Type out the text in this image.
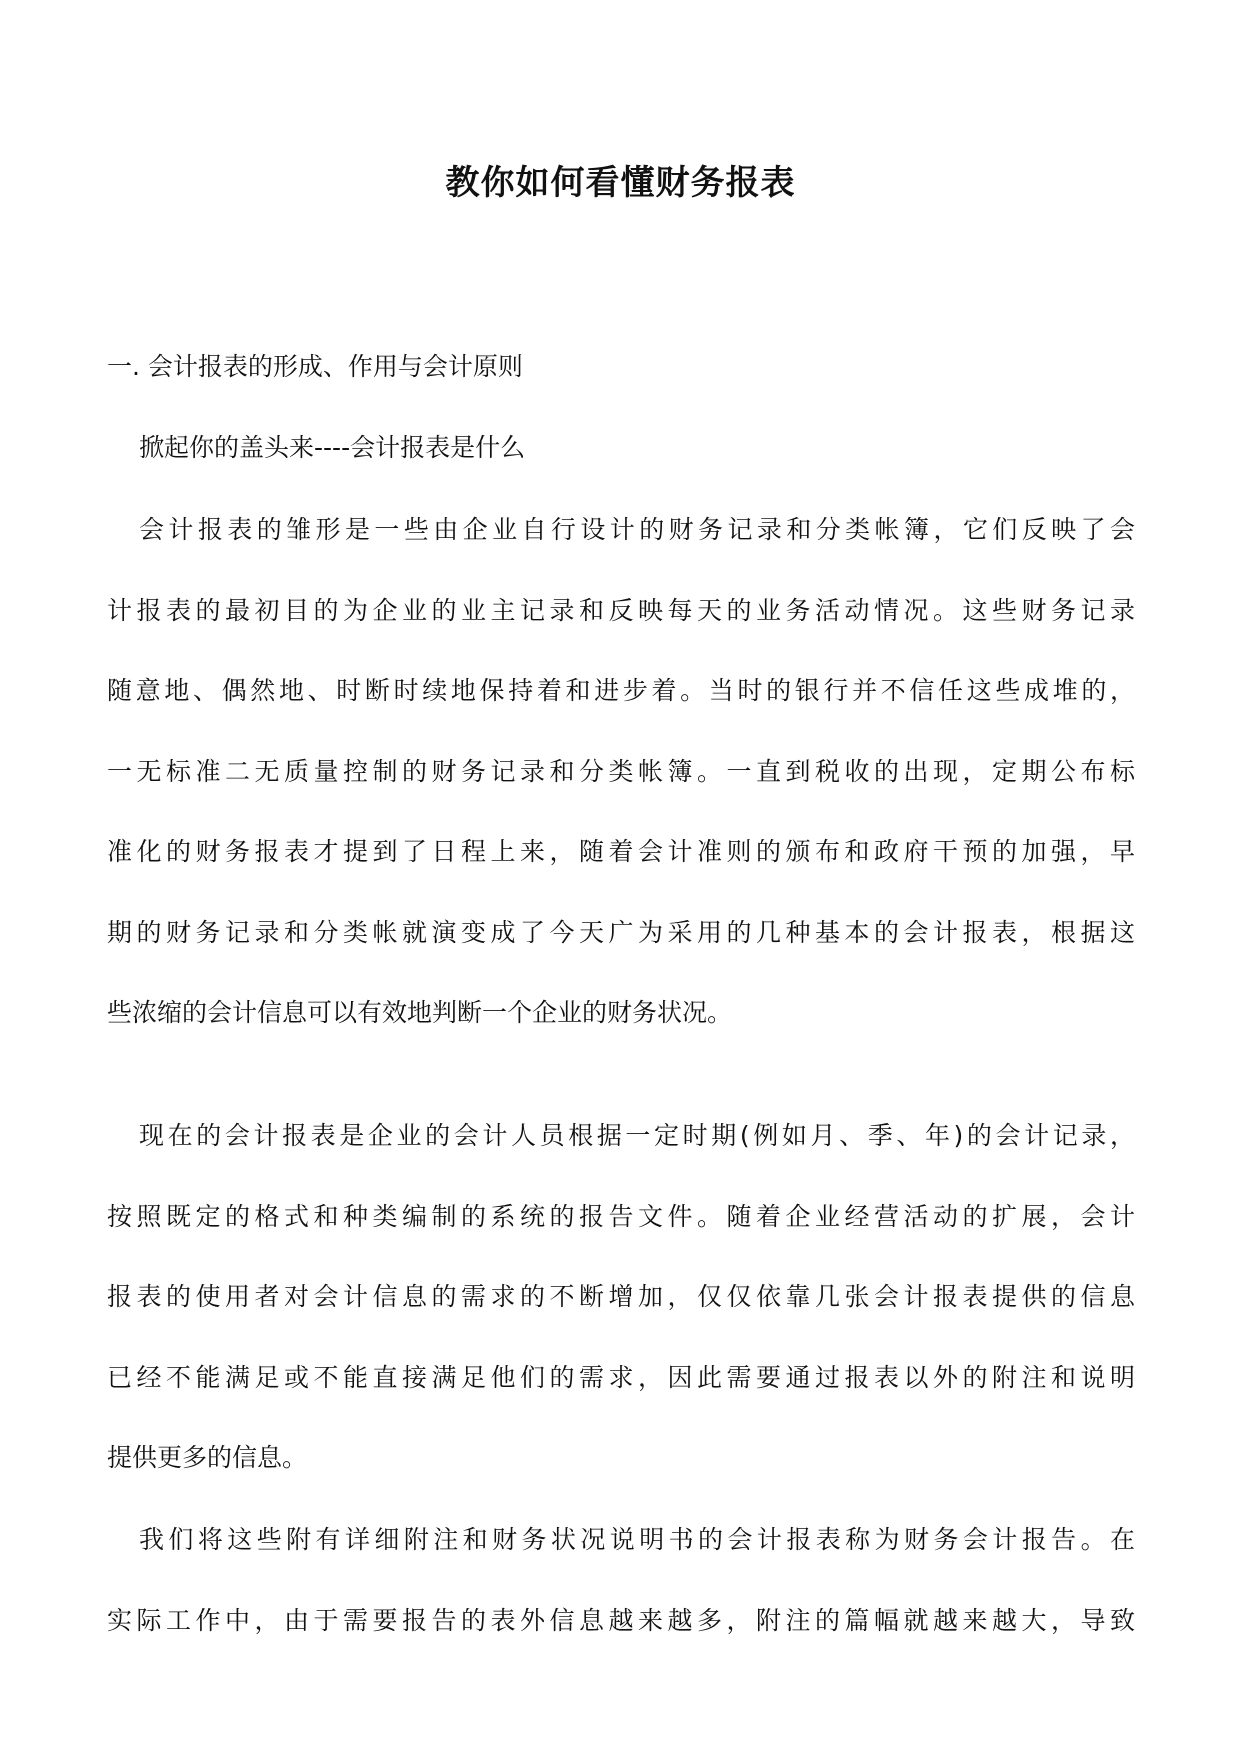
教你如何看懂财务报表
一. 会计报表的形成、作用与会计原则
掀起你的盖头来----会计报表是什么
会计报表的雏形是一些由企业自行设计的财务记录和分类帐簿，它们反映了会
计报表的最初目的为企业的业主记录和反映每天的业务活动情况。这些财务记录
随意地、偶然地、时断时续地保持着和进步着。当时的银行并不信任这些成堆的，
一无标准二无质量控制的财务记录和分类帐簿。一直到税收的出现，定期公布标
准化的财务报表才提到了日程上来，随着会计准则的颁布和政府干预的加强，早
期的财务记录和分类帐就演变成了今天广为采用的几种基本的会计报表，根据这
些浓缩的会计信息可以有效地判断一个企业的财务状况。
现在的会计报表是企业的会计人员根据一定时期(例如月、季、年)的会计记录，
按照既定的格式和种类编制的系统的报告文件。随着企业经营活动的扩展，会计
报表的使用者对会计信息的需求的不断增加，仅仅依靠几张会计报表提供的信息
已经不能满足或不能直接满足他们的需求，因此需要通过报表以外的附注和说明
提供更多的信息。
我们将这些附有详细附注和财务状况说明书的会计报表称为财务会计报告。在
实际工作中，由于需要报告的表外信息越来越多，附注的篇幅就越来越大，导致
